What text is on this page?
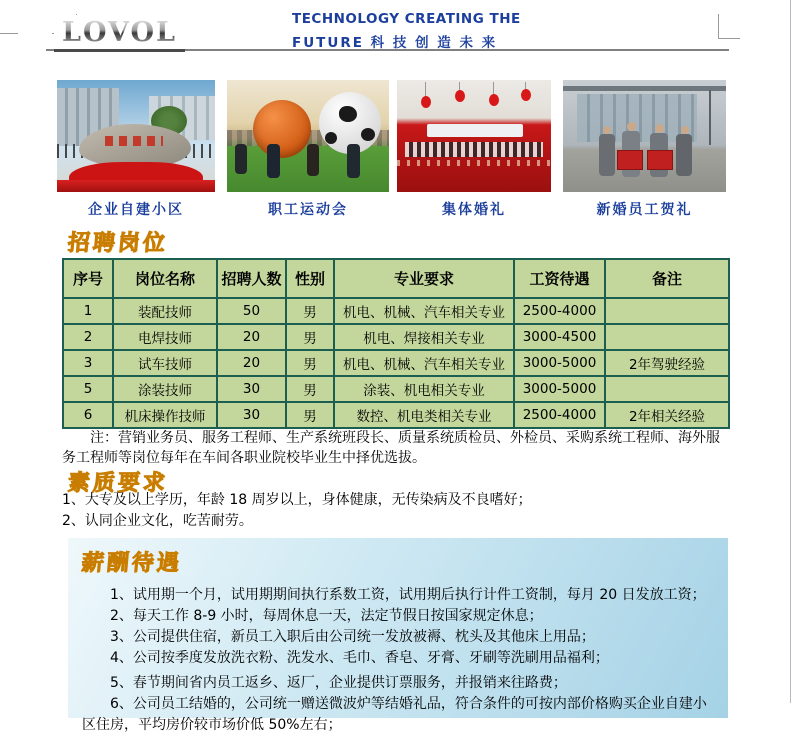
LOVOL	TECHNOLOGY CREATING THE
FUTURE 科 技 创 造 未 来
企业自建小区	职工运动会	集体婚礼	新婚员工贺礼
招聘岗位
序号	岗位名称	招聘人数	性别	专业要求	工资待遇	备注
1	装配技师	50	男	机电、机械、汽车相关专业	2500-4000	
2	电焊技师	20	男	机电、焊接相关专业	3000-4500	
3	试车技师	20	男	机电、机械、汽车相关专业	3000-5000	2年驾驶经验
5	涂装技师	30	男	涂装、机电相关专业	3000-5000	
6	机床操作技师	30	男	数控、机电类相关专业	2500-4000	2年相关经验
注：营销业务员、服务工程师、生产系统班段长、质量系统质检员、外检员、采购系统工程师、海外服务工程师等岗位每年在车间各职业院校毕业生中择优选拔。
素质要求
1、大专及以上学历，年龄 18 周岁以上，身体健康，无传染病及不良嗜好；
2、认同企业文化，吃苦耐劳。
薪酬待遇
1、试用期一个月，试用期期间执行系数工资，试用期后执行计件工资制，每月 20 日发放工资；
2、每天工作 8-9 小时，每周休息一天，法定节假日按国家规定休息；
3、公司提供住宿，新员工入职后由公司统一发放被褥、枕头及其他床上用品；
4、公司按季度发放洗衣粉、洗发水、毛巾、香皂、牙膏、牙刷等洗刷用品福利；
5、春节期间省内员工返乡、返厂，企业提供订票服务，并报销来往路费；
6、公司员工结婚的，公司统一赠送微波炉等结婚礼品，符合条件的可按内部价格购买企业自建小区住房，平均房价较市场价低 50%左右；
